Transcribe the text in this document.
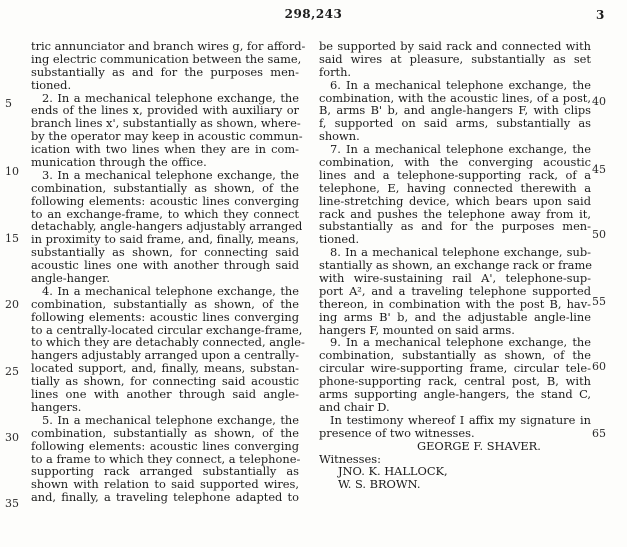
298,243	3
5
10
15
20
25
30
35
40
45
50
55
60
65
tric annunciator and branch wires g, for afford-
ing electric communication between the same,
substantially as and for the purposes men-
tioned.
2. In a mechanical telephone exchange, the
ends of the lines x, provided with auxiliary or
branch lines x', substantially as shown, where-
by the operator may keep in acoustic commun-
ication with two lines when they are in com-
munication through the office.
3. In a mechanical telephone exchange, the
combination, substantially as shown, of the
following elements: acoustic lines converging
to an exchange-frame, to which they connect
detachably, angle-hangers adjustably arranged
in proximity to said frame, and, finally, means,
substantially as shown, for connecting said
acoustic lines one with another through said
angle-hanger.
4. In a mechanical telephone exchange, the
combination, substantially as shown, of the
following elements: acoustic lines converging
to a centrally-located circular exchange-frame,
to which they are detachably connected, angle-
hangers adjustably arranged upon a centrally-
located support, and, finally, means, substan-
tially as shown, for connecting said acoustic
lines one with another through said angle-
hangers.
5. In a mechanical telephone exchange, the
combination, substantially as shown, of the
following elements: acoustic lines converging
to a frame to which they connect, a telephone-
supporting rack arranged substantially as
shown with relation to said supported wires,
and, finally, a traveling telephone adapted to
be supported by said rack and connected with
said wires at pleasure, substantially as set
forth.
6. In a mechanical telephone exchange, the
combination, with the acoustic lines, of a post,
B, arms B' b, and angle-hangers F, with clips
f, supported on said arms, substantially as
shown.
7. In a mechanical telephone exchange, the
combination, with the converging acoustic
lines and a telephone-supporting rack, of a
telephone, E, having connected therewith a
line-stretching device, which bears upon said
rack and pushes the telephone away from it,
substantially as and for the purposes men-
tioned.
8. In a mechanical telephone exchange, sub-
stantially as shown, an exchange rack or frame
with wire-sustaining rail A', telephone-sup-
port A², and a traveling telephone supported
thereon, in combination with the post B, hav-
ing arms B' b, and the adjustable angle-line
hangers F, mounted on said arms.
9. In a mechanical telephone exchange, the
combination, substantially as shown, of the
circular wire-supporting frame, circular tele-
phone-supporting rack, central post, B, with
arms supporting angle-hangers, the stand C,
and chair D.
In testimony whereof I affix my signature in
presence of two witnesses.
GEORGE F. SHAVER.
Witnesses:
JNO. K. HALLOCK,
W. S. BROWN.
